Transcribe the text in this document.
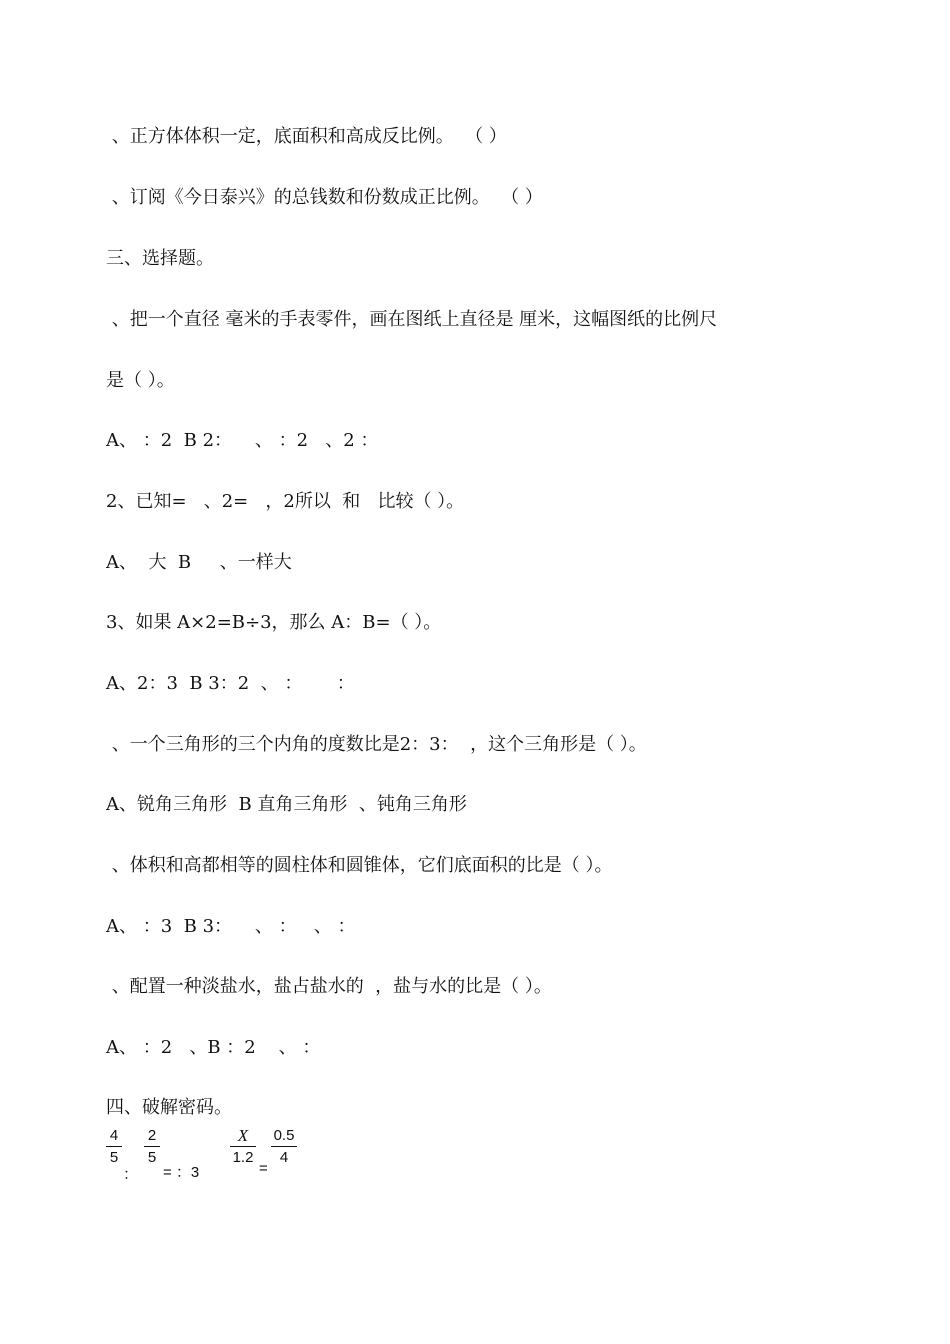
、正方体体积一定，底面积和高成反比例。  （ ）
、订阅《今日泰兴》的总钱数和份数成正比例。  （ ）
三、选择题。
、把一个直径 毫米的手表零件，画在图纸上直径是 厘米，这幅图纸的比例尺
是（ ）。
A、 ：2  B 2：    、 ：2   、2 ：
2、已知=   、2=   ，2所以  和   比较（ ）。
A、  大  B     、一样大
3、如果 A×2=B÷3，那么 A：B=（ ）。
A、2：3  B 3：2  、 ：      ：
、一个三角形的三个内角的度数比是2：3：  ，这个三角形是（ ）。
A、锐角三角形  B 直角三角形  、钝角三角形
、体积和高都相等的圆柱体和圆锥体，它们底面积的比是（ ）。
A、 ：3  B 3：    、 ：   、 ：
、配置一种淡盐水，盐占盐水的  ，盐与水的比是（ ）。
A、 ：2   、B ：2    、 ：
四、破解密码。
4
5
：
2
5
= ：3
X
1.2
=
0.5
4
